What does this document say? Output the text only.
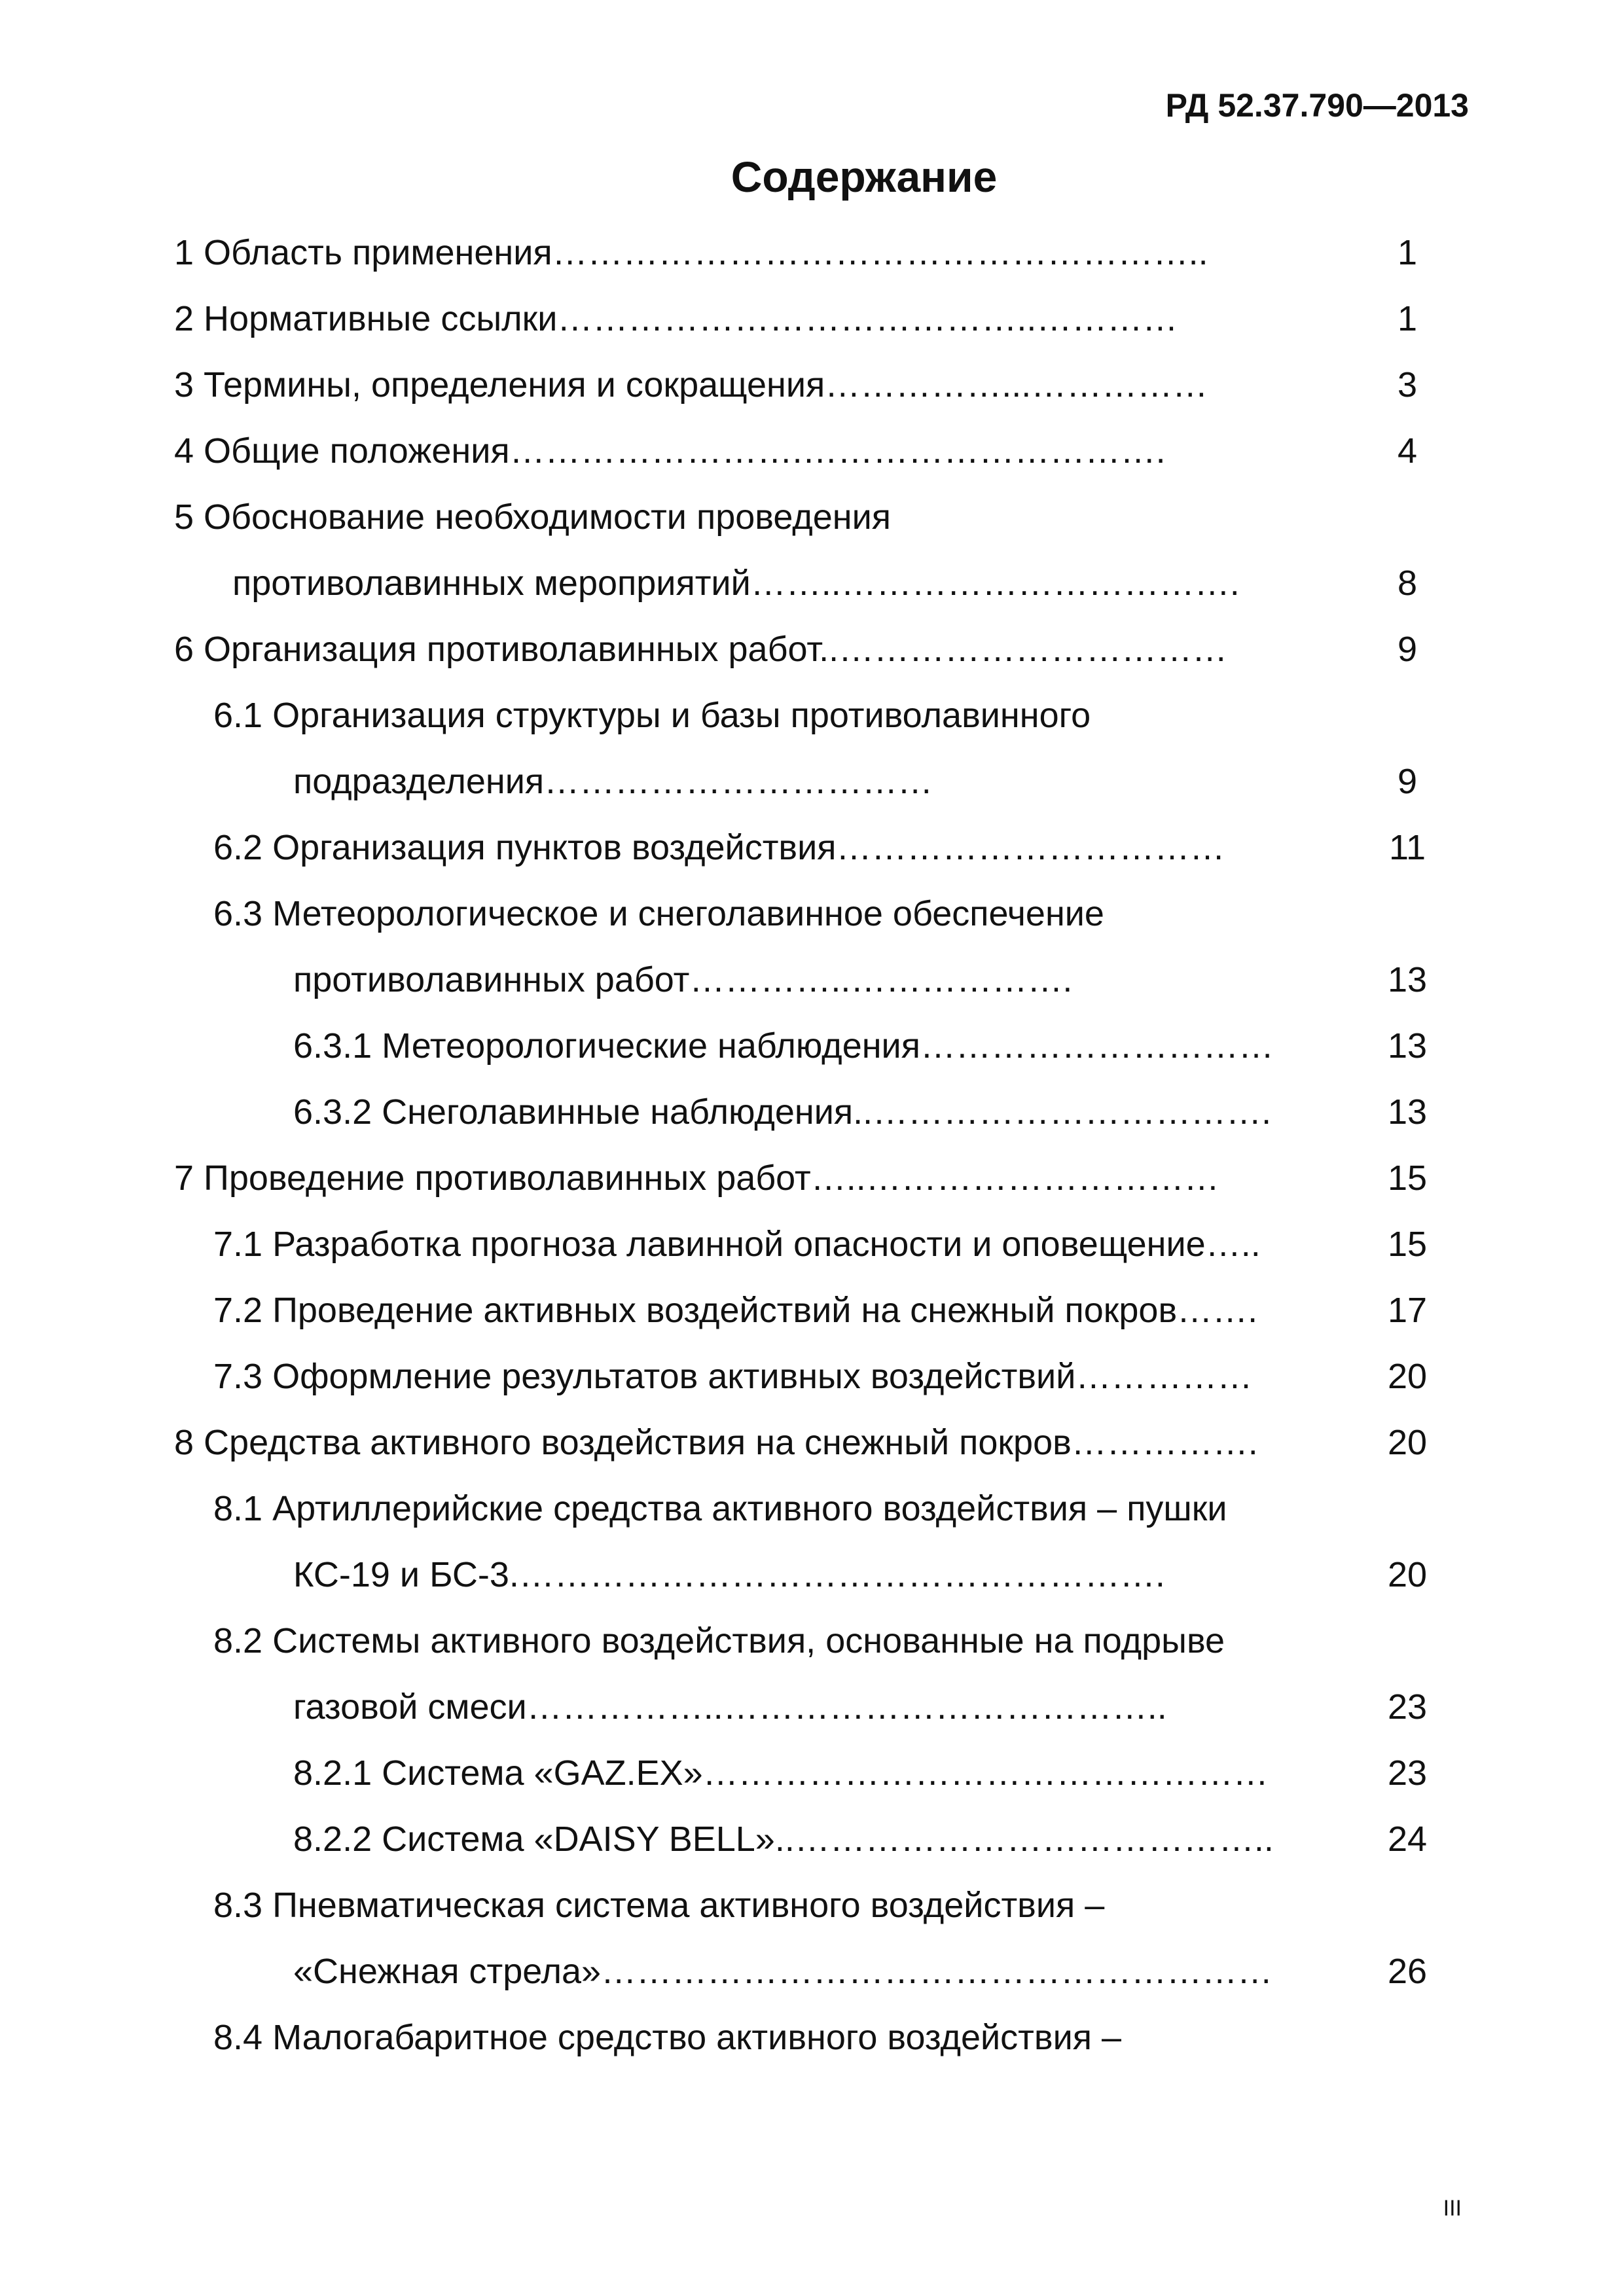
РД 52.37.790—2013
Содержание
1 Область применения………………………………………………..	1
2 Нормативные ссылки…………………………………..…………	1
3 Термины, определения и сокращения……………...……………	3
4 Общие положения…………………….………………………….	4
5 Обоснование необходимости проведения
противолавинных мероприятий……..…………………………….	8
6 Организация противолавинных работ..……………………………	9
6.1 Организация структуры и базы противолавинного
подразделения……………………………	9
6.2 Организация пунктов воздействия……………………………	11
6.3 Метеорологическое и снеголавинное обеспечение
противолавинных работ…………..……………….	13
6.3.1 Метеорологические наблюдения…………………………	13
6.3.2 Снеголавинные наблюдения..…………………………….	13
7 Проведение противолавинных работ…..…………………………	15
7.1 Разработка прогноза лавинной опасности и оповещение…..	15
7.2 Проведение активных воздействий на снежный покров…….	17
7.3 Оформление результатов активных воздействий……………	20
8 Средства активного воздействия на снежный покров…………….	20
8.1 Артиллерийские средства активного воздействия – пушки
КС-19 и БС-3.……………………………………………….	20
8.2 Системы активного воздействия, основанные на подрыве
газовой смеси……………..………………………………..	23
8.2.1 Система «GAZ.EX»…………………………………………	23
8.2.2 Система «DAISY BELL»..…………………………………..	24
8.3 Пневматическая система активного воздействия –
«Снежная стрела»…………………………………………………	26
8.4 Малогабаритное средство активного воздействия –
III
